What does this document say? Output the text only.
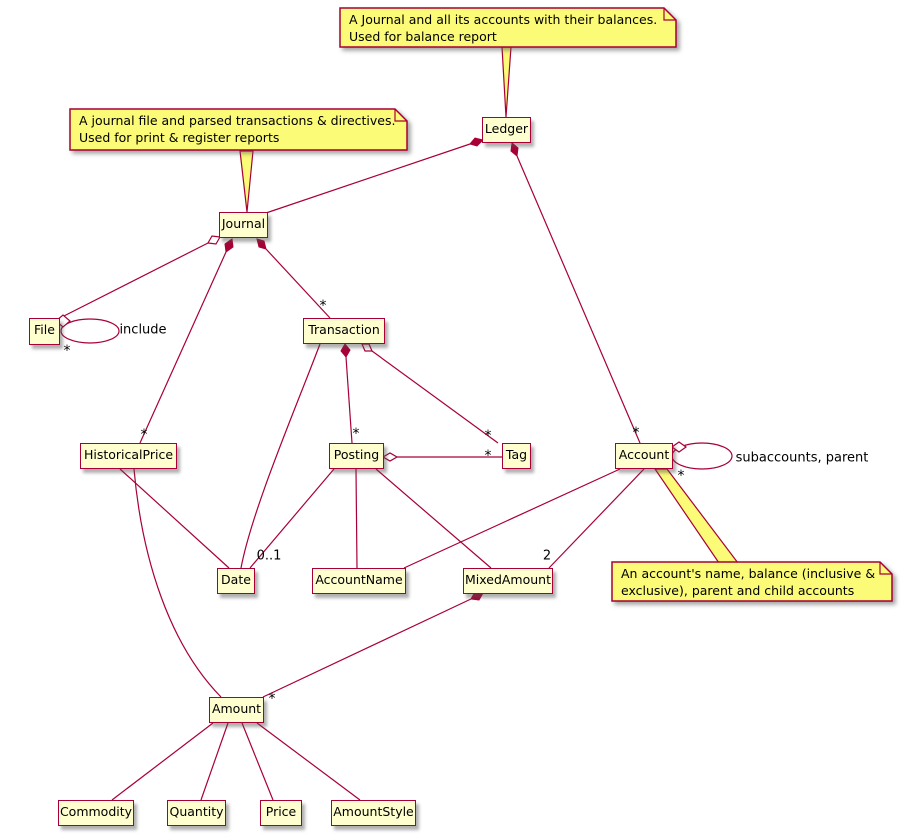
A Journal and all its accounts with their balances.
Used for balance report
A journal file and parsed transactions & directives.
Used for print & register reports
An account's name, balance (inclusive &
exclusive), parent and child accounts
Ledger
Journal
File	Transaction
HistoricalPrice	Posting	Tag	Account
Date	AccountName	MixedAmount
Amount
Commodity	Quantity	Price	AmountStyle
*
include
*
*
*	*
*
*
*
subaccounts, parent
0..1	2
*
